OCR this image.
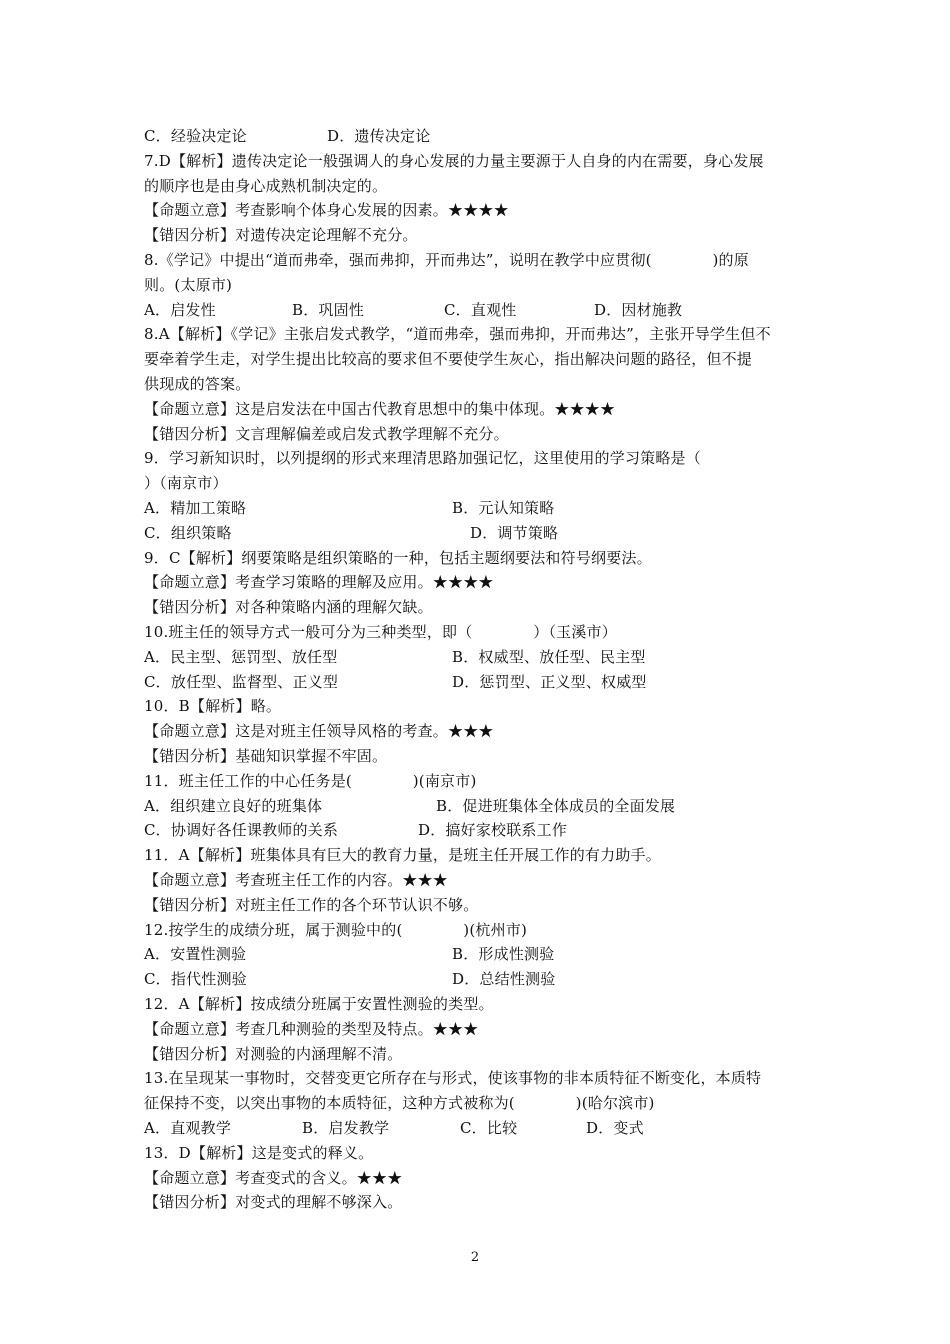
C．经验决定论	D．遗传决定论
7.D【解析】遗传决定论一般强调人的身心发展的力量主要源于人自身的内在需要，身心发展
的顺序也是由身心成熟机制决定的。
【命题立意】考查影响个体身心发展的因素。★★★★
【错因分析】对遗传决定论理解不充分。
8.《学记》中提出“道而弗牵，强而弗抑，开而弗达”，说明在教学中应贯彻(　　　　)的原
则。(太原市)
A．启发性	B．巩固性	C．直观性	D．因材施教
8.A【解析】《学记》主张启发式教学，“道而弗牵，强而弗抑，开而弗达”，主张开导学生但不
要牵着学生走，对学生提出比较高的要求但不要使学生灰心，指出解决问题的路径，但不提
供现成的答案。
【命题立意】这是启发法在中国古代教育思想中的集中体现。★★★★
【错因分析】文言理解偏差或启发式教学理解不充分。
9．学习新知识时，以列提纲的形式来理清思路加强记忆，这里使用的学习策略是（
）（南京市）
A．精加工策略	B．元认知策略
C．组织策略	D．调节策略
9．C【解析】纲要策略是组织策略的一种，包括主题纲要法和符号纲要法。
【命题立意】考查学习策略的理解及应用。★★★★
【错因分析】对各种策略内涵的理解欠缺。
10.班主任的领导方式一般可分为三种类型，即（　　　　）（玉溪市）
A．民主型、惩罚型、放任型	B．权威型、放任型、民主型
C．放任型、监督型、正义型	D．惩罚型、正义型、权威型
10．B【解析】略。
【命题立意】这是对班主任领导风格的考查。★★★
【错因分析】基础知识掌握不牢固。
11．班主任工作的中心任务是(　　　　)(南京市)
A．组织建立良好的班集体	B．促进班集体全体成员的全面发展
C．协调好各任课教师的关系	D．搞好家校联系工作
11．A【解析】班集体具有巨大的教育力量，是班主任开展工作的有力助手。
【命题立意】考查班主任工作的内容。★★★
【错因分析】对班主任工作的各个环节认识不够。
12.按学生的成绩分班，属于测验中的(　　　　)(杭州市)
A．安置性测验	B．形成性测验
C．指代性测验	D．总结性测验
12．A【解析】按成绩分班属于安置性测验的类型。
【命题立意】考查几种测验的类型及特点。★★★
【错因分析】对测验的内涵理解不清。
13.在呈现某一事物时，交替变更它所存在与形式，使该事物的非本质特征不断变化，本质特
征保持不变，以突出事物的本质特征，这种方式被称为(　　　　)(哈尔滨市)
A．直观教学	B．启发教学	C．比较	D．变式
13．D【解析】这是变式的释义。
【命题立意】考查变式的含义。★★★
【错因分析】对变式的理解不够深入。
2
